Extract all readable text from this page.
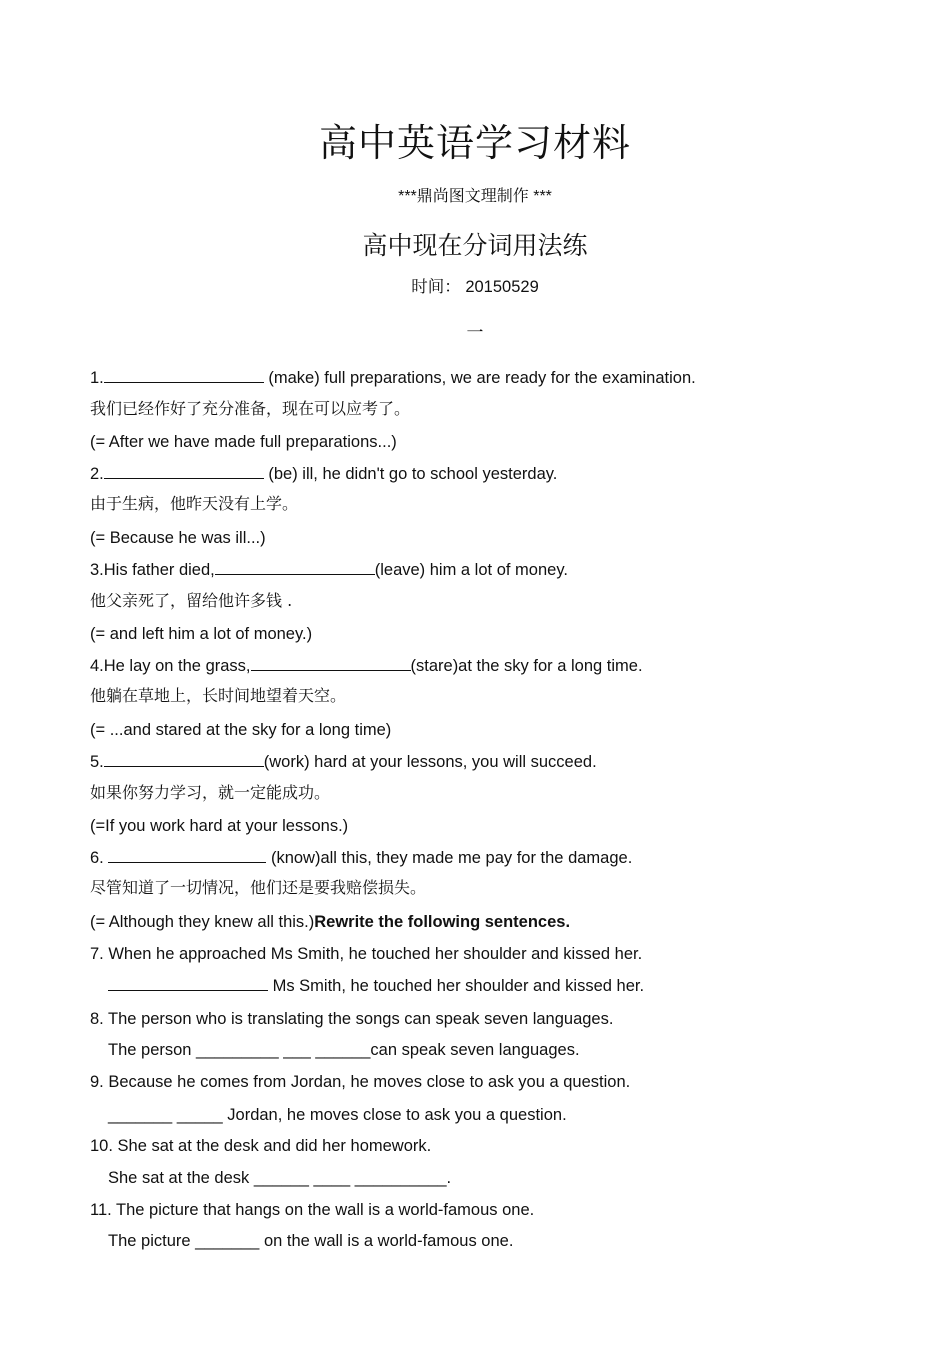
高中英语学习材料
***鼎尚图文理制作 ***
高中现在分词用法练
时间： 20150529
一
1.	(make) full preparations, we are ready for the examination.
我们已经作好了充分准备，现在可以应考了。
(= After we have made full preparations...)
2.	(be) ill, he didn't go to school yesterday.
由于生病，他昨天没有上学。
(= Because he was ill...)
3.His father died,	(leave) him a lot of money.
他父亲死了，留给他许多钱 .
(= and left him a lot of money.)
4.He lay on the grass,	(stare)at the sky for a long time.
他躺在草地上，长时间地望着天空。
(= ...and stared at the sky for a long time)
5.	(work) hard at your lessons, you will succeed.
如果你努力学习，就一定能成功。
(=If you work hard at your lessons.)
6.	(know)all this, they made me pay for the damage.
尽管知道了一切情况，他们还是要我赔偿损失。
(= Although they knew all this.)Rewrite the following sentences.
7. When he approached Ms Smith, he touched her shoulder and kissed her.
Ms Smith, he touched her shoulder and kissed her.
8. The person who is translating the songs can speak seven languages.
The person _________ ___ ______can speak seven languages.
9. Because he comes from Jordan, he moves close to ask you a question.
_______ _____ Jordan, he moves close to ask you a question.
10. She sat at the desk and did her homework.
She sat at the desk ______ ____ __________.
11. The picture that hangs on the wall is a world-famous one.
The picture _______ on the wall is a world-famous one.
